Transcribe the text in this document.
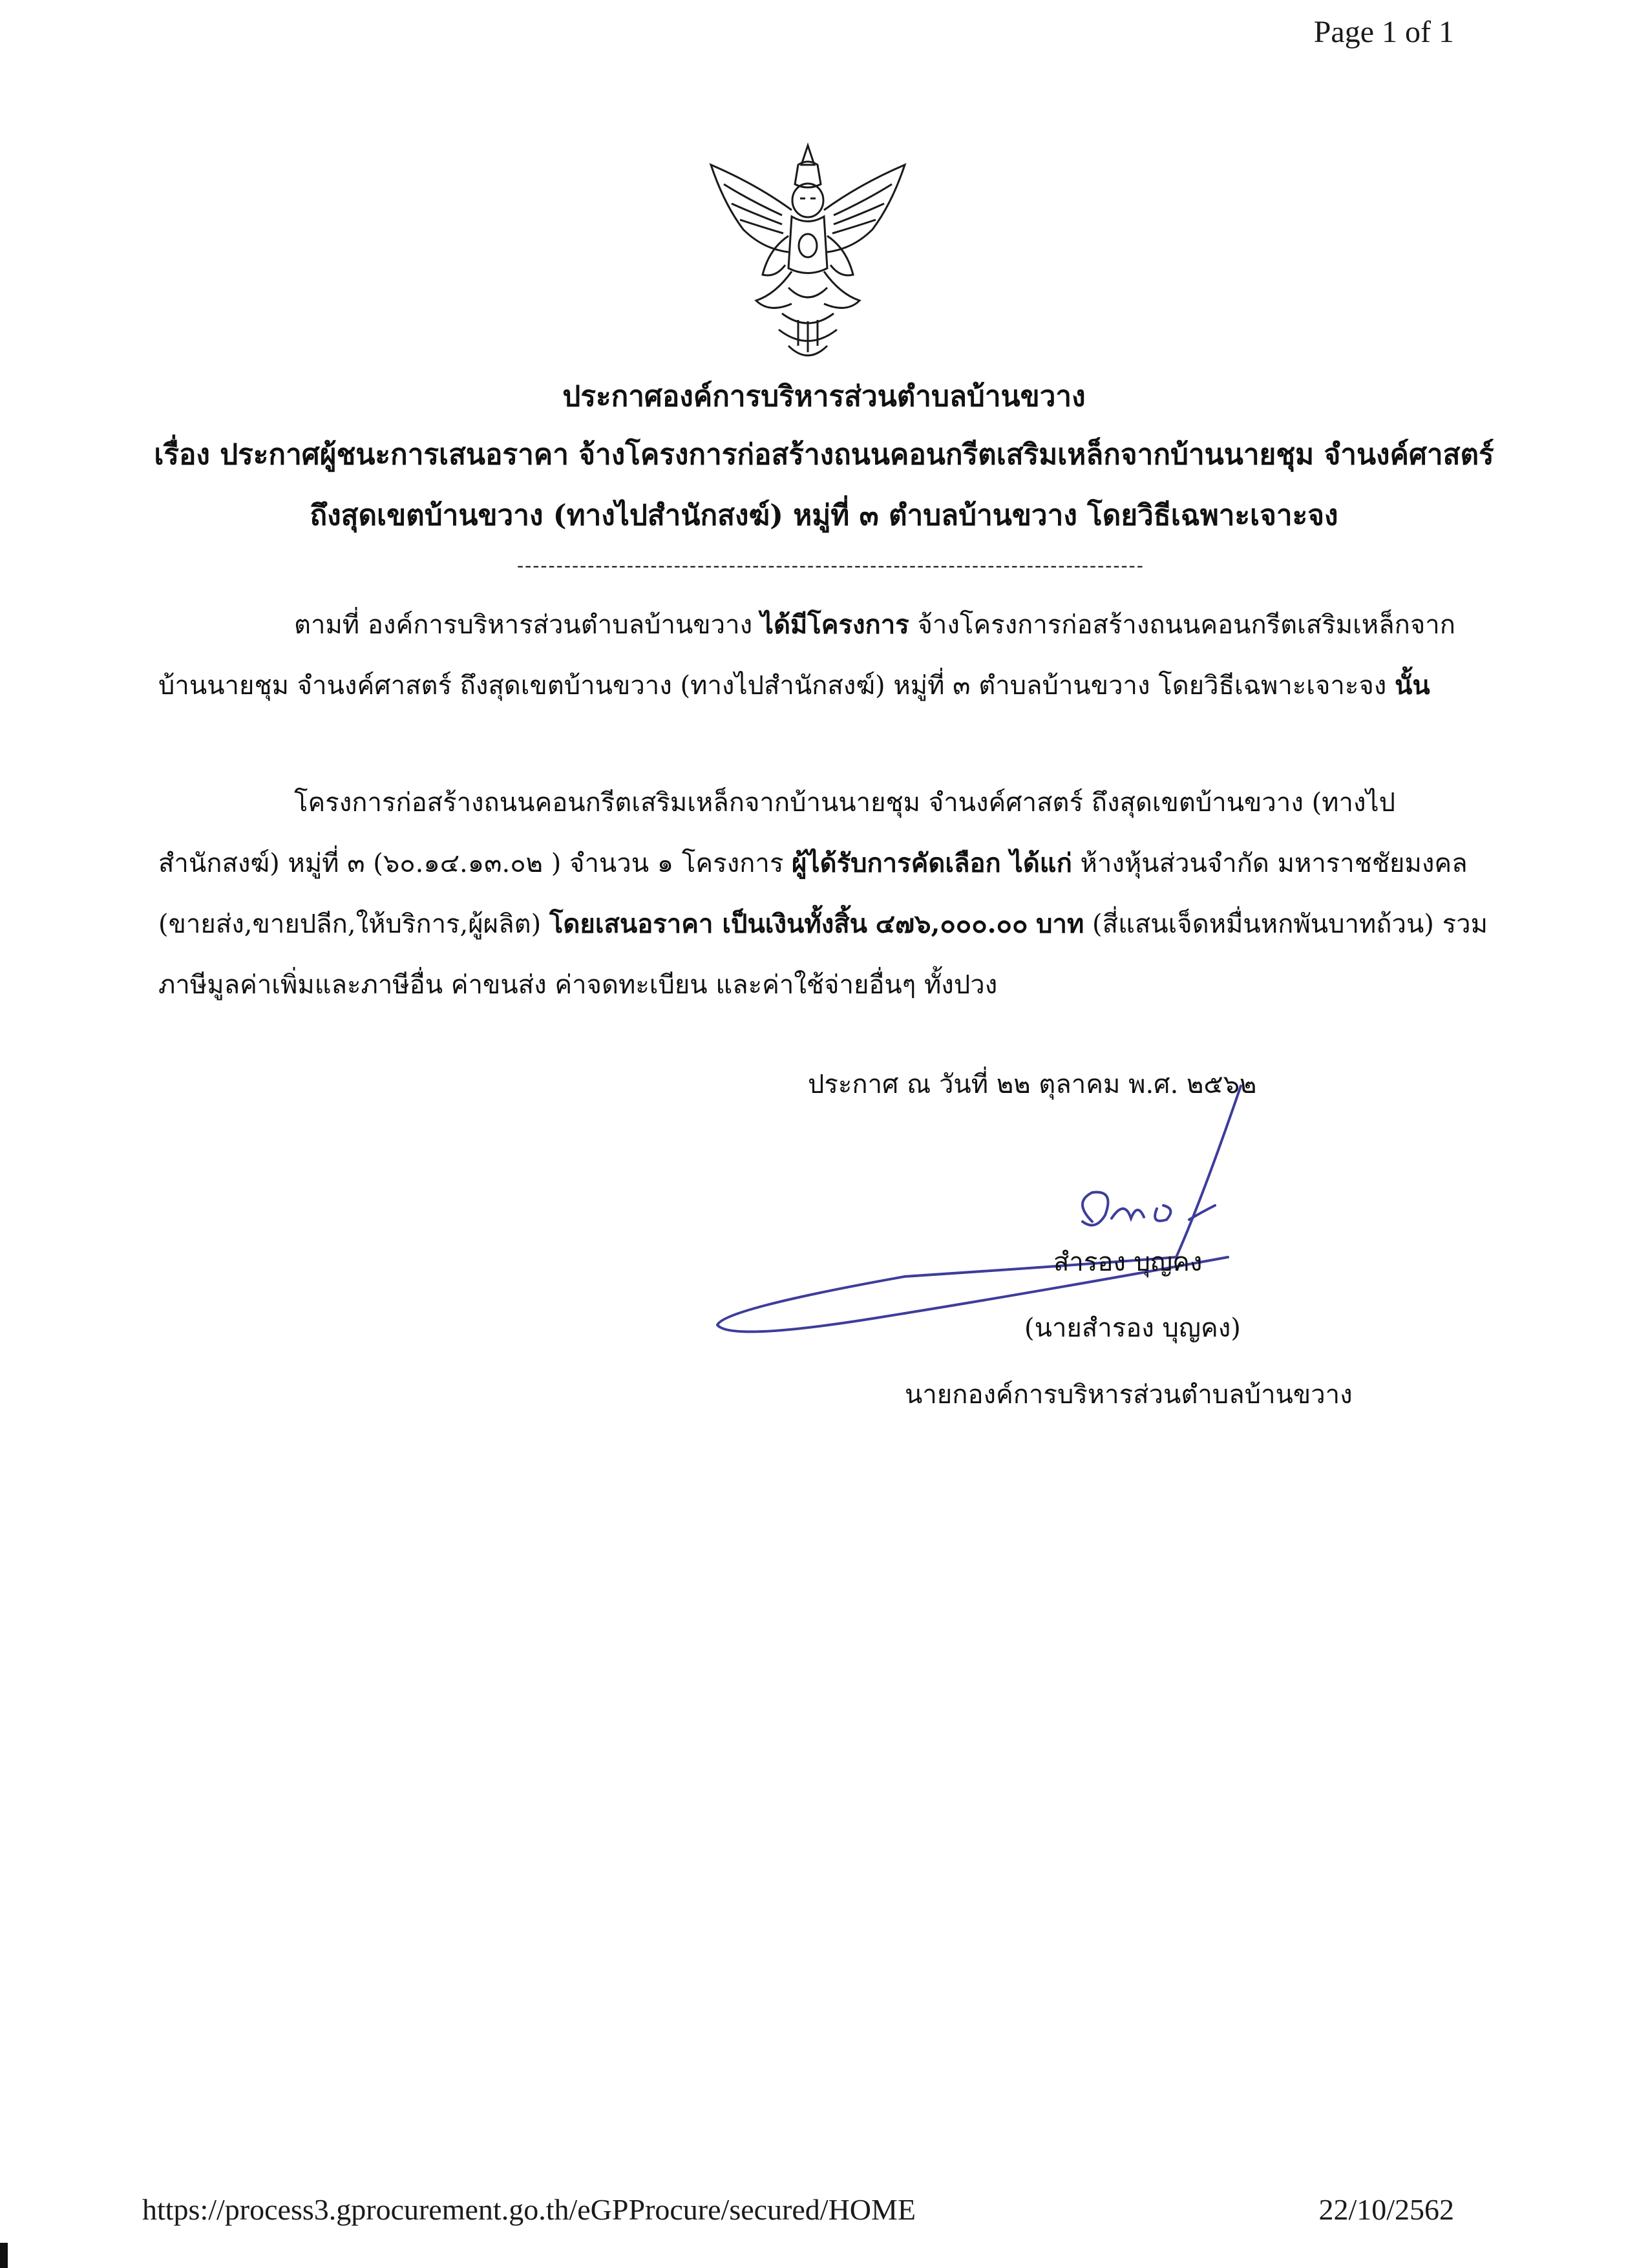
Page 1 of 1
ประกาศองค์การบริหารส่วนตำบลบ้านขวาง
เรื่อง ประกาศผู้ชนะการเสนอราคา จ้างโครงการก่อสร้างถนนคอนกรีตเสริมเหล็กจากบ้านนายชุม จำนงค์ศาสตร์
ถึงสุดเขตบ้านขวาง (ทางไปสำนักสงฆ์) หมู่ที่ ๓ ตำบลบ้านขวาง โดยวิธีเฉพาะเจาะจง
--------------------------------------------------------------------------------
ตามที่ องค์การบริหารส่วนตำบลบ้านขวาง ได้มีโครงการ จ้างโครงการก่อสร้างถนนคอนกรีตเสริมเหล็กจากบ้านนายชุม จำนงค์ศาสตร์ ถึงสุดเขตบ้านขวาง (ทางไปสำนักสงฆ์) หมู่ที่ ๓ ตำบลบ้านขวาง โดยวิธีเฉพาะเจาะจง นั้น
โครงการก่อสร้างถนนคอนกรีตเสริมเหล็กจากบ้านนายชุม จำนงค์ศาสตร์ ถึงสุดเขตบ้านขวาง (ทางไปสำนักสงฆ์) หมู่ที่ ๓ (๖๐.๑๔.๑๓.๐๒ ) จำนวน ๑ โครงการ ผู้ได้รับการคัดเลือก ได้แก่ ห้างหุ้นส่วนจำกัด มหาราชชัยมงคล (ขายส่ง,ขายปลีก,ให้บริการ,ผู้ผลิต) โดยเสนอราคา เป็นเงินทั้งสิ้น ๔๗๖,๐๐๐.๐๐ บาท (สี่แสนเจ็ดหมื่นหกพันบาทถ้วน) รวมภาษีมูลค่าเพิ่มและภาษีอื่น ค่าขนส่ง ค่าจดทะเบียน และค่าใช้จ่ายอื่นๆ ทั้งปวง
ประกาศ ณ วันที่ ๒๒ ตุลาคม พ.ศ. ๒๕๖๒
สำรอง บุญคง
(นายสำรอง บุญคง)
นายกองค์การบริหารส่วนตำบลบ้านขวาง
https://process3.gprocurement.go.th/eGPProcure/secured/HOME	22/10/2562
